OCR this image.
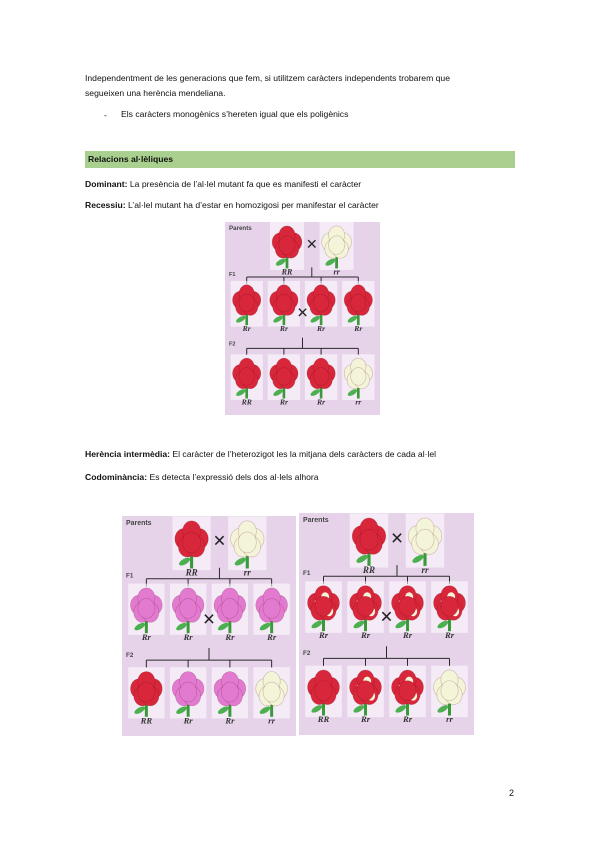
Independentment de les generacions que fem, si utilitzem caràcters independents trobarem que
segueixen una herència mendeliana.
- Els caràcters monogènics s’hereten igual que els poligènics
Relacions al·lèliques
Dominant: La presència de l’al·lel mutant fa que es manifesti el caràcter
Recessiu: L’al·lel mutant ha d’estar en homozigosi per manifestar el caràcter
Parents
F1
F2
RR	rr
×
Rr	Rr	Rr	Rr
×
RR	Rr	Rr	rr
Herència intermèdia: El caràcter de l’heterozigot les la mitjana dels caràcters de cada al·lel
Codominància: Es detecta l’expressió dels dos al·lels alhora
Parents
F1
F2
RR	rr
×
Rr	Rr	Rr	Rr
×
RR	Rr	Rr	rr
Parents
F1
F2
RR	rr
×
Rr	Rr	Rr	Rr
×
RR	Rr	Rr	rr
2
